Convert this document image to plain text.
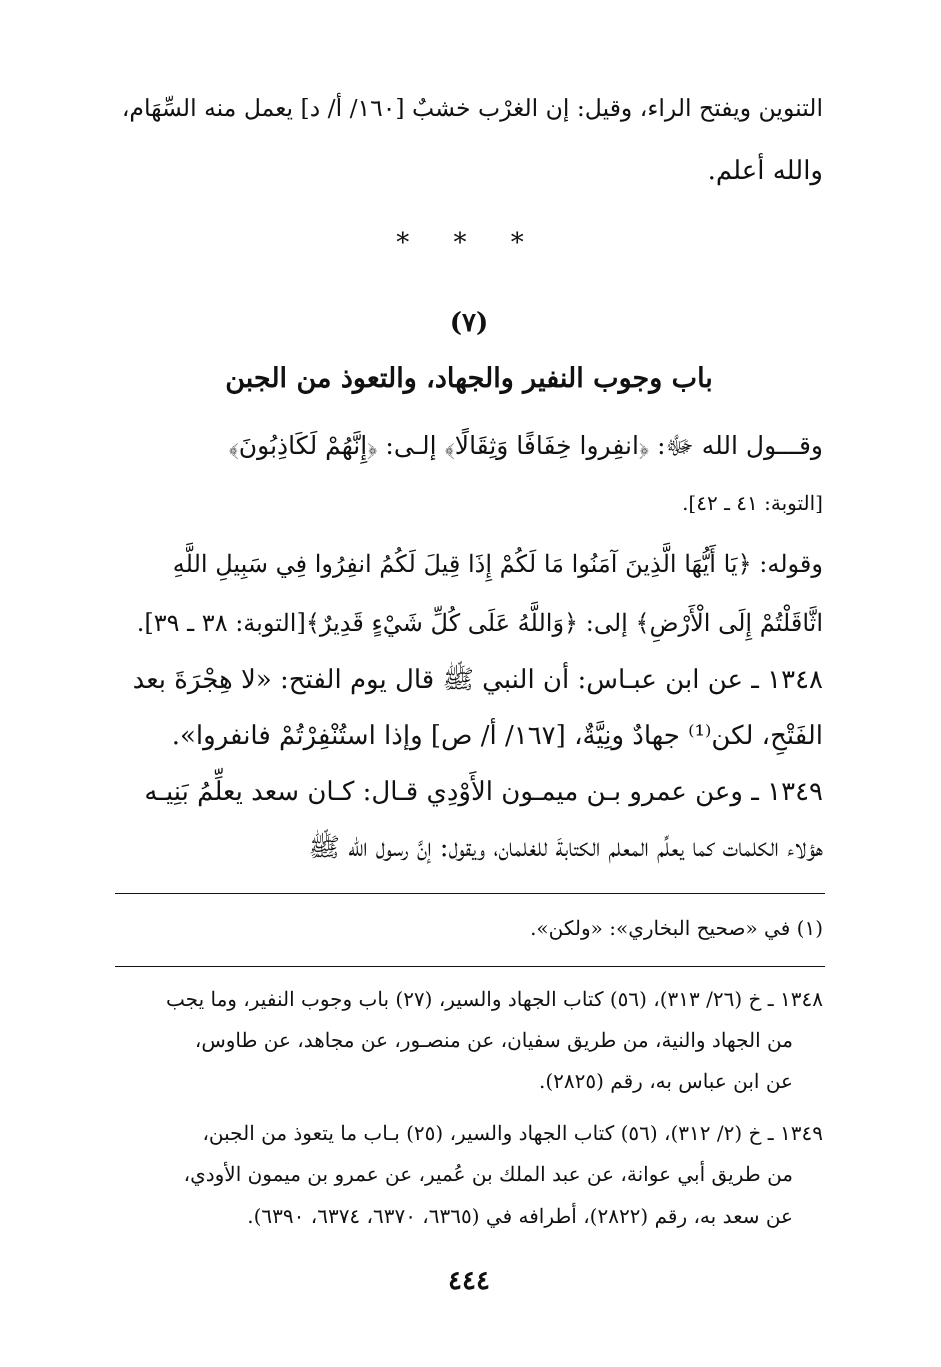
التنوين ويفتح الراء، وقيل: إن الغرْب خشبٌ [١٦٠/ أ/ د] يعمل منه السِّهَام،
والله أعلم.
* * *
(٧)
باب وجوب النفير والجهاد، والتعوذ من الجبن
وقـــول الله ﷻ: ﴿انفِروا خِفَافًا وَثِقَالًا﴾ إلـى: ﴿إِنَّهُمْ لَكَاذِبُونَ﴾
[التوبة: ٤١ ـ ٤٢].
وقوله: ﴿يَا أَيُّهَا الَّذِينَ آمَنُوا مَا لَكُمْ إِذَا قِيلَ لَكُمُ انفِرُوا فِي سَبِيلِ اللَّهِ
اثَّاقَلْتُمْ إِلَى الْأَرْضِ﴾ إلى: ﴿وَاللَّهُ عَلَى كُلِّ شَيْءٍ قَدِيرٌ﴾[التوبة: ٣٨ ـ ٣٩].
١٣٤٨ ـ عن ابن عبـاس: أن النبي ﷺ قال يوم الفتح: «لا هِجْرَةَ بعد
الفَتْحِ، لكن⁽¹⁾ جهادٌ ونِيَّةٌ، [١٦٧/ أ/ ص] وإذا استُنْفِرْتُمْ فانفروا».
١٣٤٩ ـ وعن عمرو بـن ميمـون الأَوْدِي قـال: كـان سعد يعلِّمُ بَنِيـه
هؤلاء الكلمات كما يعلِّم المعلم الكتابةَ للغلمان، ويقول: إنَّ رسول الله ﷺ
(١) في «صحيح البخاري»: «ولكن».
١٣٤٨ ـ خ (٢٦/ ٣١٣)، (٥٦) كتاب الجهاد والسير، (٢٧) باب وجوب النفير، وما يجب
من الجهاد والنية، من طريق سفيان، عن منصـور، عن مجاهد، عن طاوس،
عن ابن عباس به، رقم (٢٨٢٥).
١٣٤٩ ـ خ (٢/ ٣١٢)، (٥٦) كتاب الجهاد والسير، (٢٥) بـاب ما يتعوذ من الجبن،
من طريق أبي عوانة، عن عبد الملك بن عُمير، عن عمرو بن ميمون الأودي،
عن سعد به، رقم (٢٨٢٢)، أطرافه في (٦٣٦٥، ٦٣٧٠، ٦٣٧٤، ٦٣٩٠).
٤٤٤
